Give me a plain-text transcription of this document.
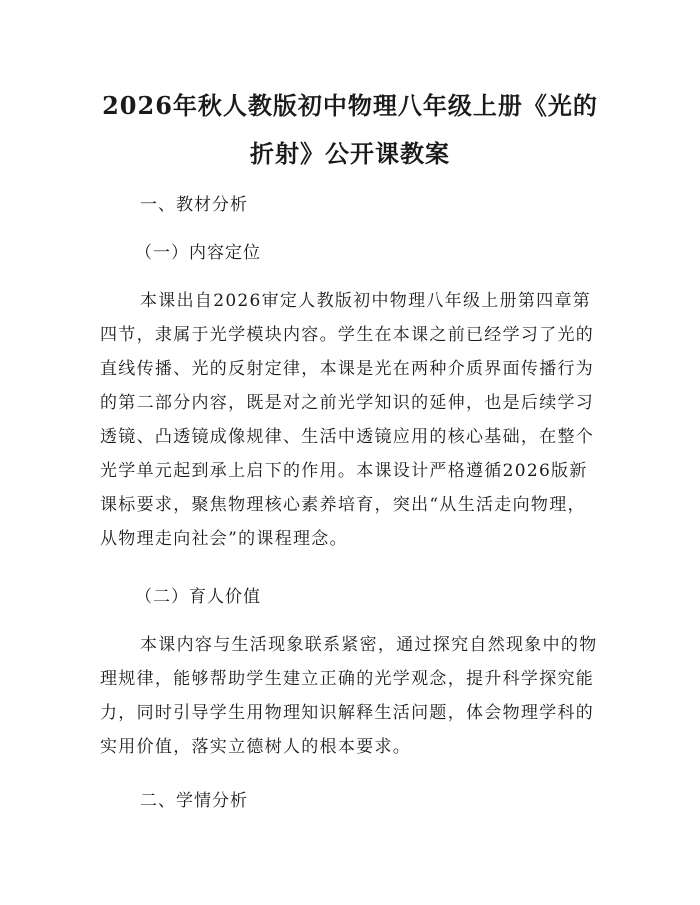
2026年秋人教版初中物理八年级上册《光的
折射》公开课教案
一、教材分析
（一）内容定位
本课出自2026审定人教版初中物理八年级上册第四章第
四节，隶属于光学模块内容。学生在本课之前已经学习了光的
直线传播、光的反射定律，本课是光在两种介质界面传播行为
的第二部分内容，既是对之前光学知识的延伸，也是后续学习
透镜、凸透镜成像规律、生活中透镜应用的核心基础，在整个
光学单元起到承上启下的作用。本课设计严格遵循2026版新
课标要求，聚焦物理核心素养培育，突出“从生活走向物理，
从物理走向社会”的课程理念。
（二）育人价值
本课内容与生活现象联系紧密，通过探究自然现象中的物
理规律，能够帮助学生建立正确的光学观念，提升科学探究能
力，同时引导学生用物理知识解释生活问题，体会物理学科的
实用价值，落实立德树人的根本要求。
二、学情分析
